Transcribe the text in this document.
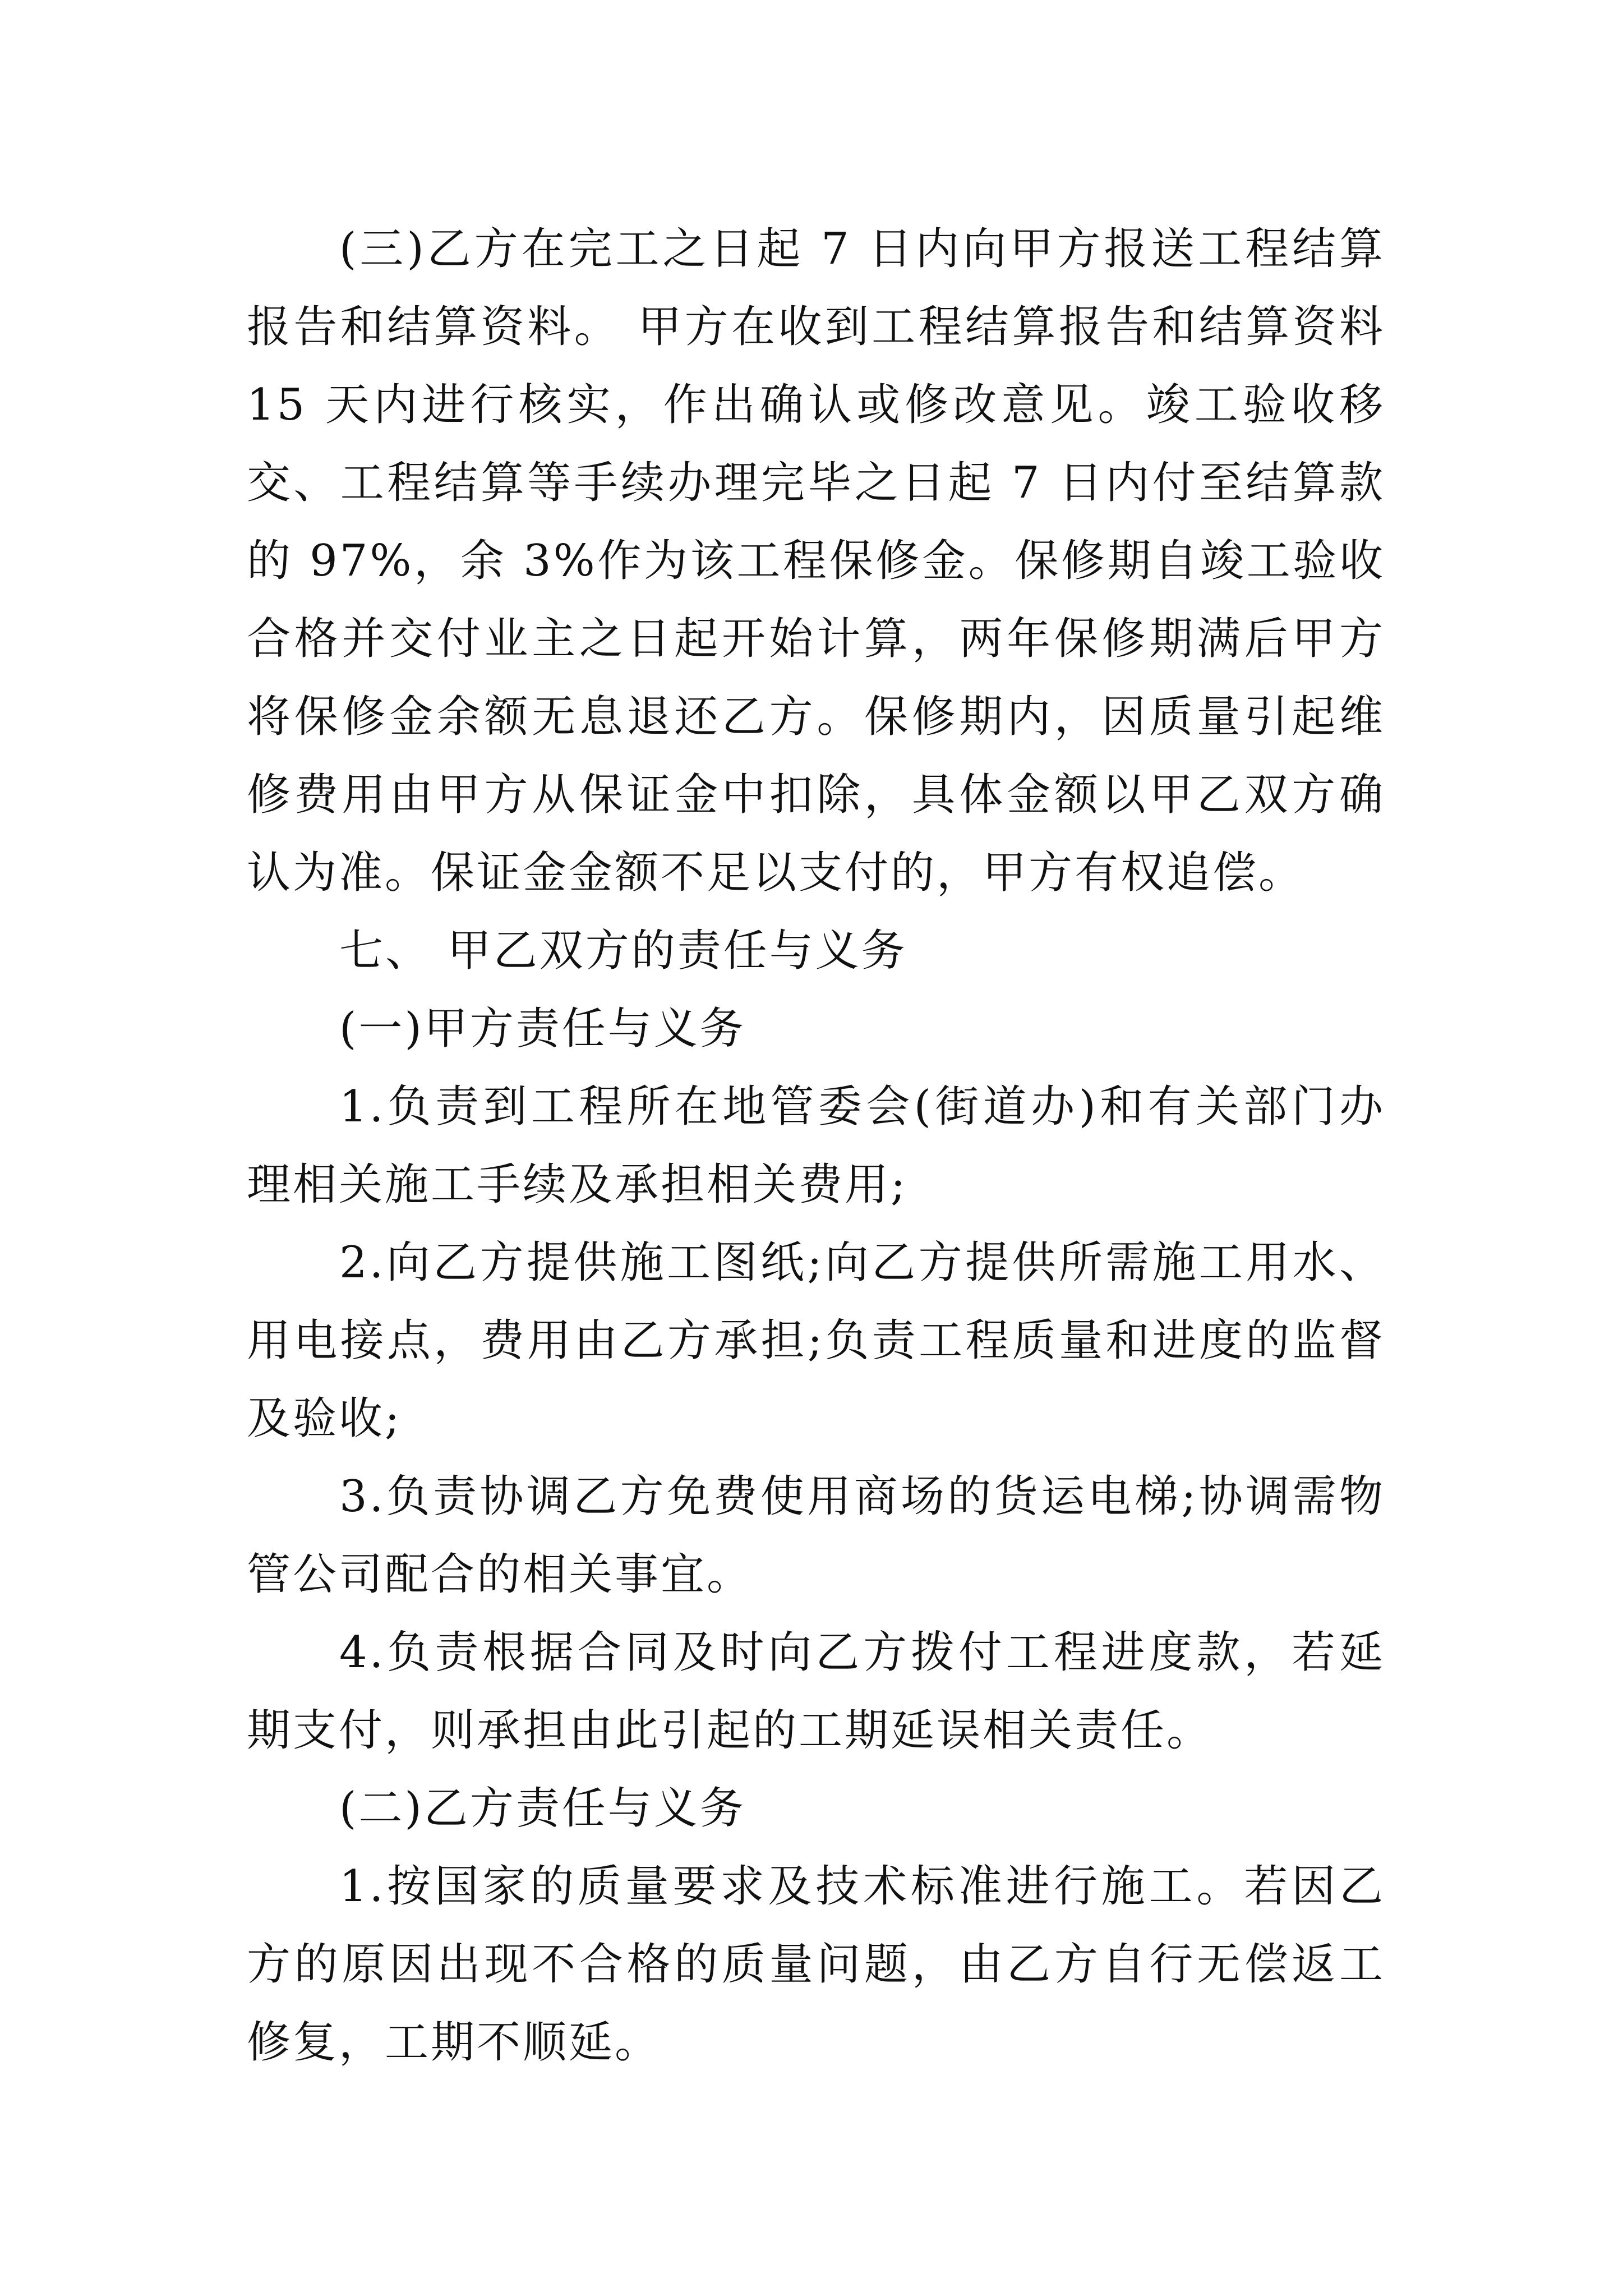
(三)乙方在完工之日起 7 日内向甲方报送工程结算报告和结算资料。 甲方在收到工程结算报告和结算资料 15 天内进行核实，作出确认或修改意见。竣工验收移交、工程结算等手续办理完毕之日起 7 日内付至结算款的 97%，余 3%作为该工程保修金。保修期自竣工验收合格并交付业主之日起开始计算，两年保修期满后甲方将保修金余额无息退还乙方。保修期内，因质量引起维修费用由甲方从保证金中扣除，具体金额以甲乙双方确认为准。保证金金额不足以支付的，甲方有权追偿。

七、 甲乙双方的责任与义务

(一)甲方责任与义务

1.负责到工程所在地管委会(街道办)和有关部门办理相关施工手续及承担相关费用;

2.向乙方提供施工图纸;向乙方提供所需施工用水、用电接点，费用由乙方承担;负责工程质量和进度的监督及验收;

3.负责协调乙方免费使用商场的货运电梯;协调需物管公司配合的相关事宜。

4.负责根据合同及时向乙方拨付工程进度款，若延期支付，则承担由此引起的工期延误相关责任。

(二)乙方责任与义务

1.按国家的质量要求及技术标准进行施工。若因乙方的原因出现不合格的质量问题，由乙方自行无偿返工修复，工期不顺延。
